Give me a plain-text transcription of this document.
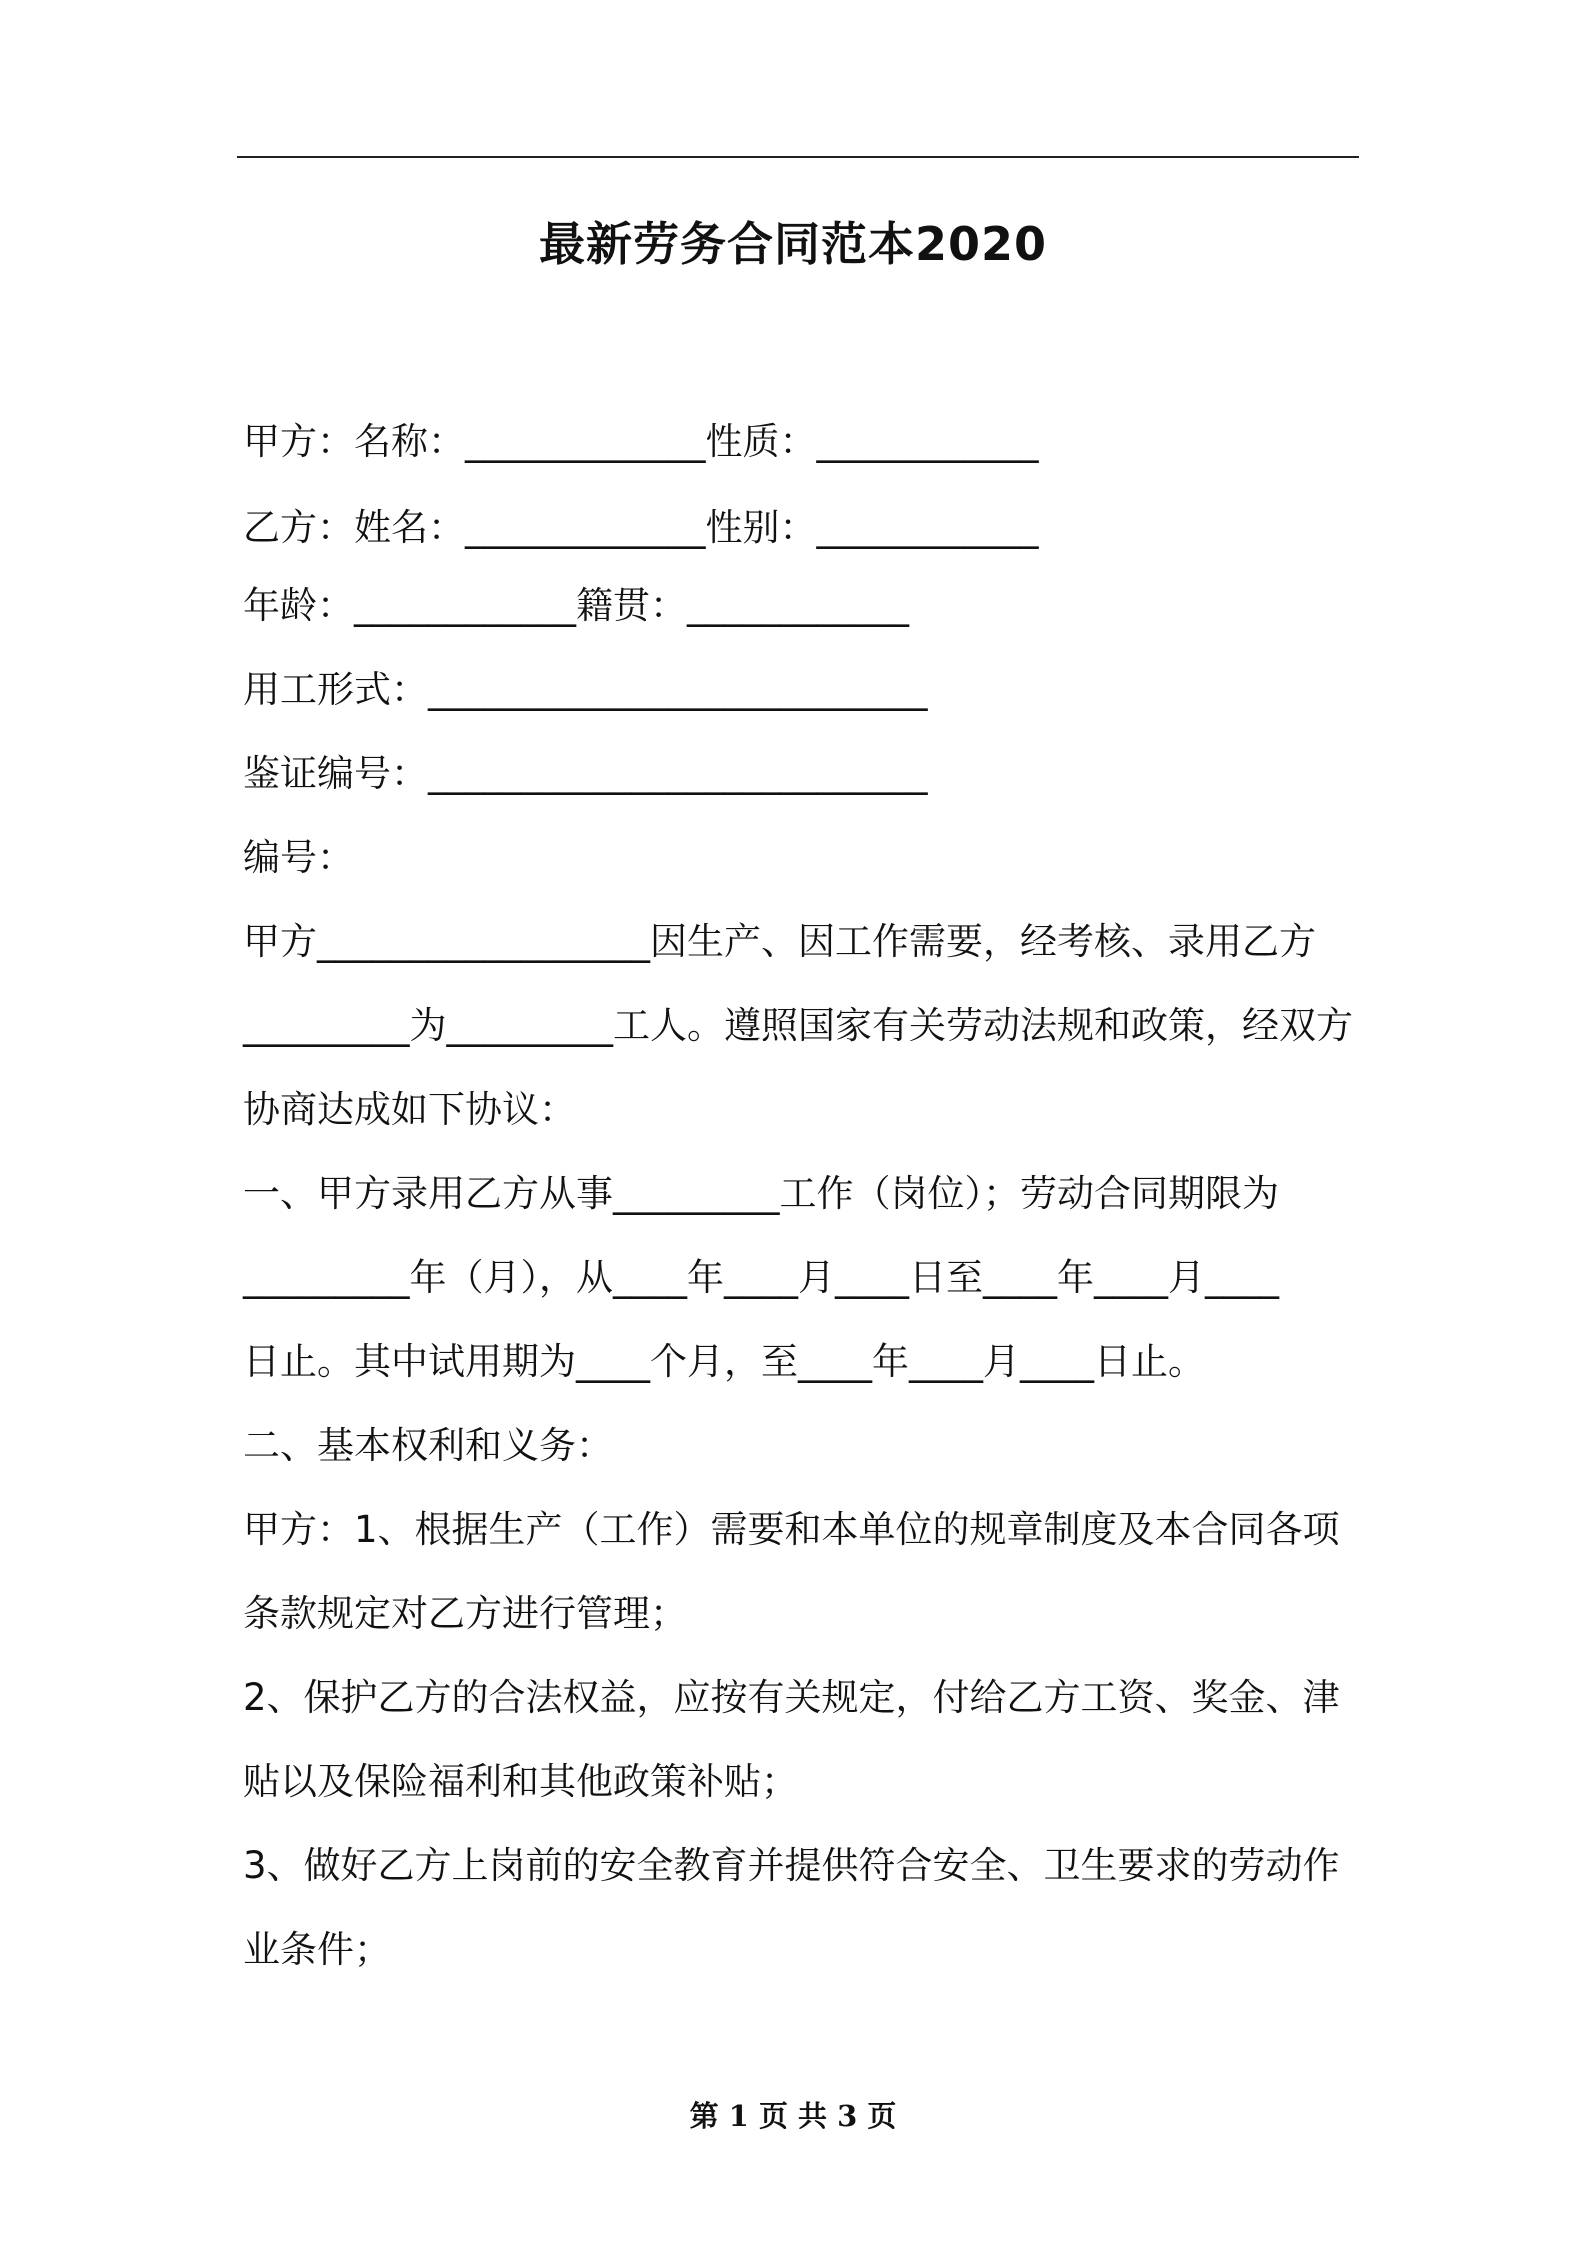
最新劳务合同范本2020

甲方：名称：_____________性质：____________

乙方：姓名：_____________性别：____________

年龄：____________籍贯：____________

用工形式：___________________________

鉴证编号：___________________________

编号：

甲方__________________因生产、因工作需要，经考核、录用乙方

_________为_________工人。遵照国家有关劳动法规和政策，经双方

协商达成如下协议：

一、甲方录用乙方从事_________工作（岗位）；劳动合同期限为

_________年（月），从____年____月____日至____年____月____

日止。其中试用期为____个月，至____年____月____日止。

二、基本权利和义务：

甲方：1、根据生产（工作）需要和本单位的规章制度及本合同各项

条款规定对乙方进行管理；

2、保护乙方的合法权益，应按有关规定，付给乙方工资、奖金、津

贴以及保险福利和其他政策补贴；

3、做好乙方上岗前的安全教育并提供符合安全、卫生要求的劳动作

业条件；

第 1 页 共 3 页
